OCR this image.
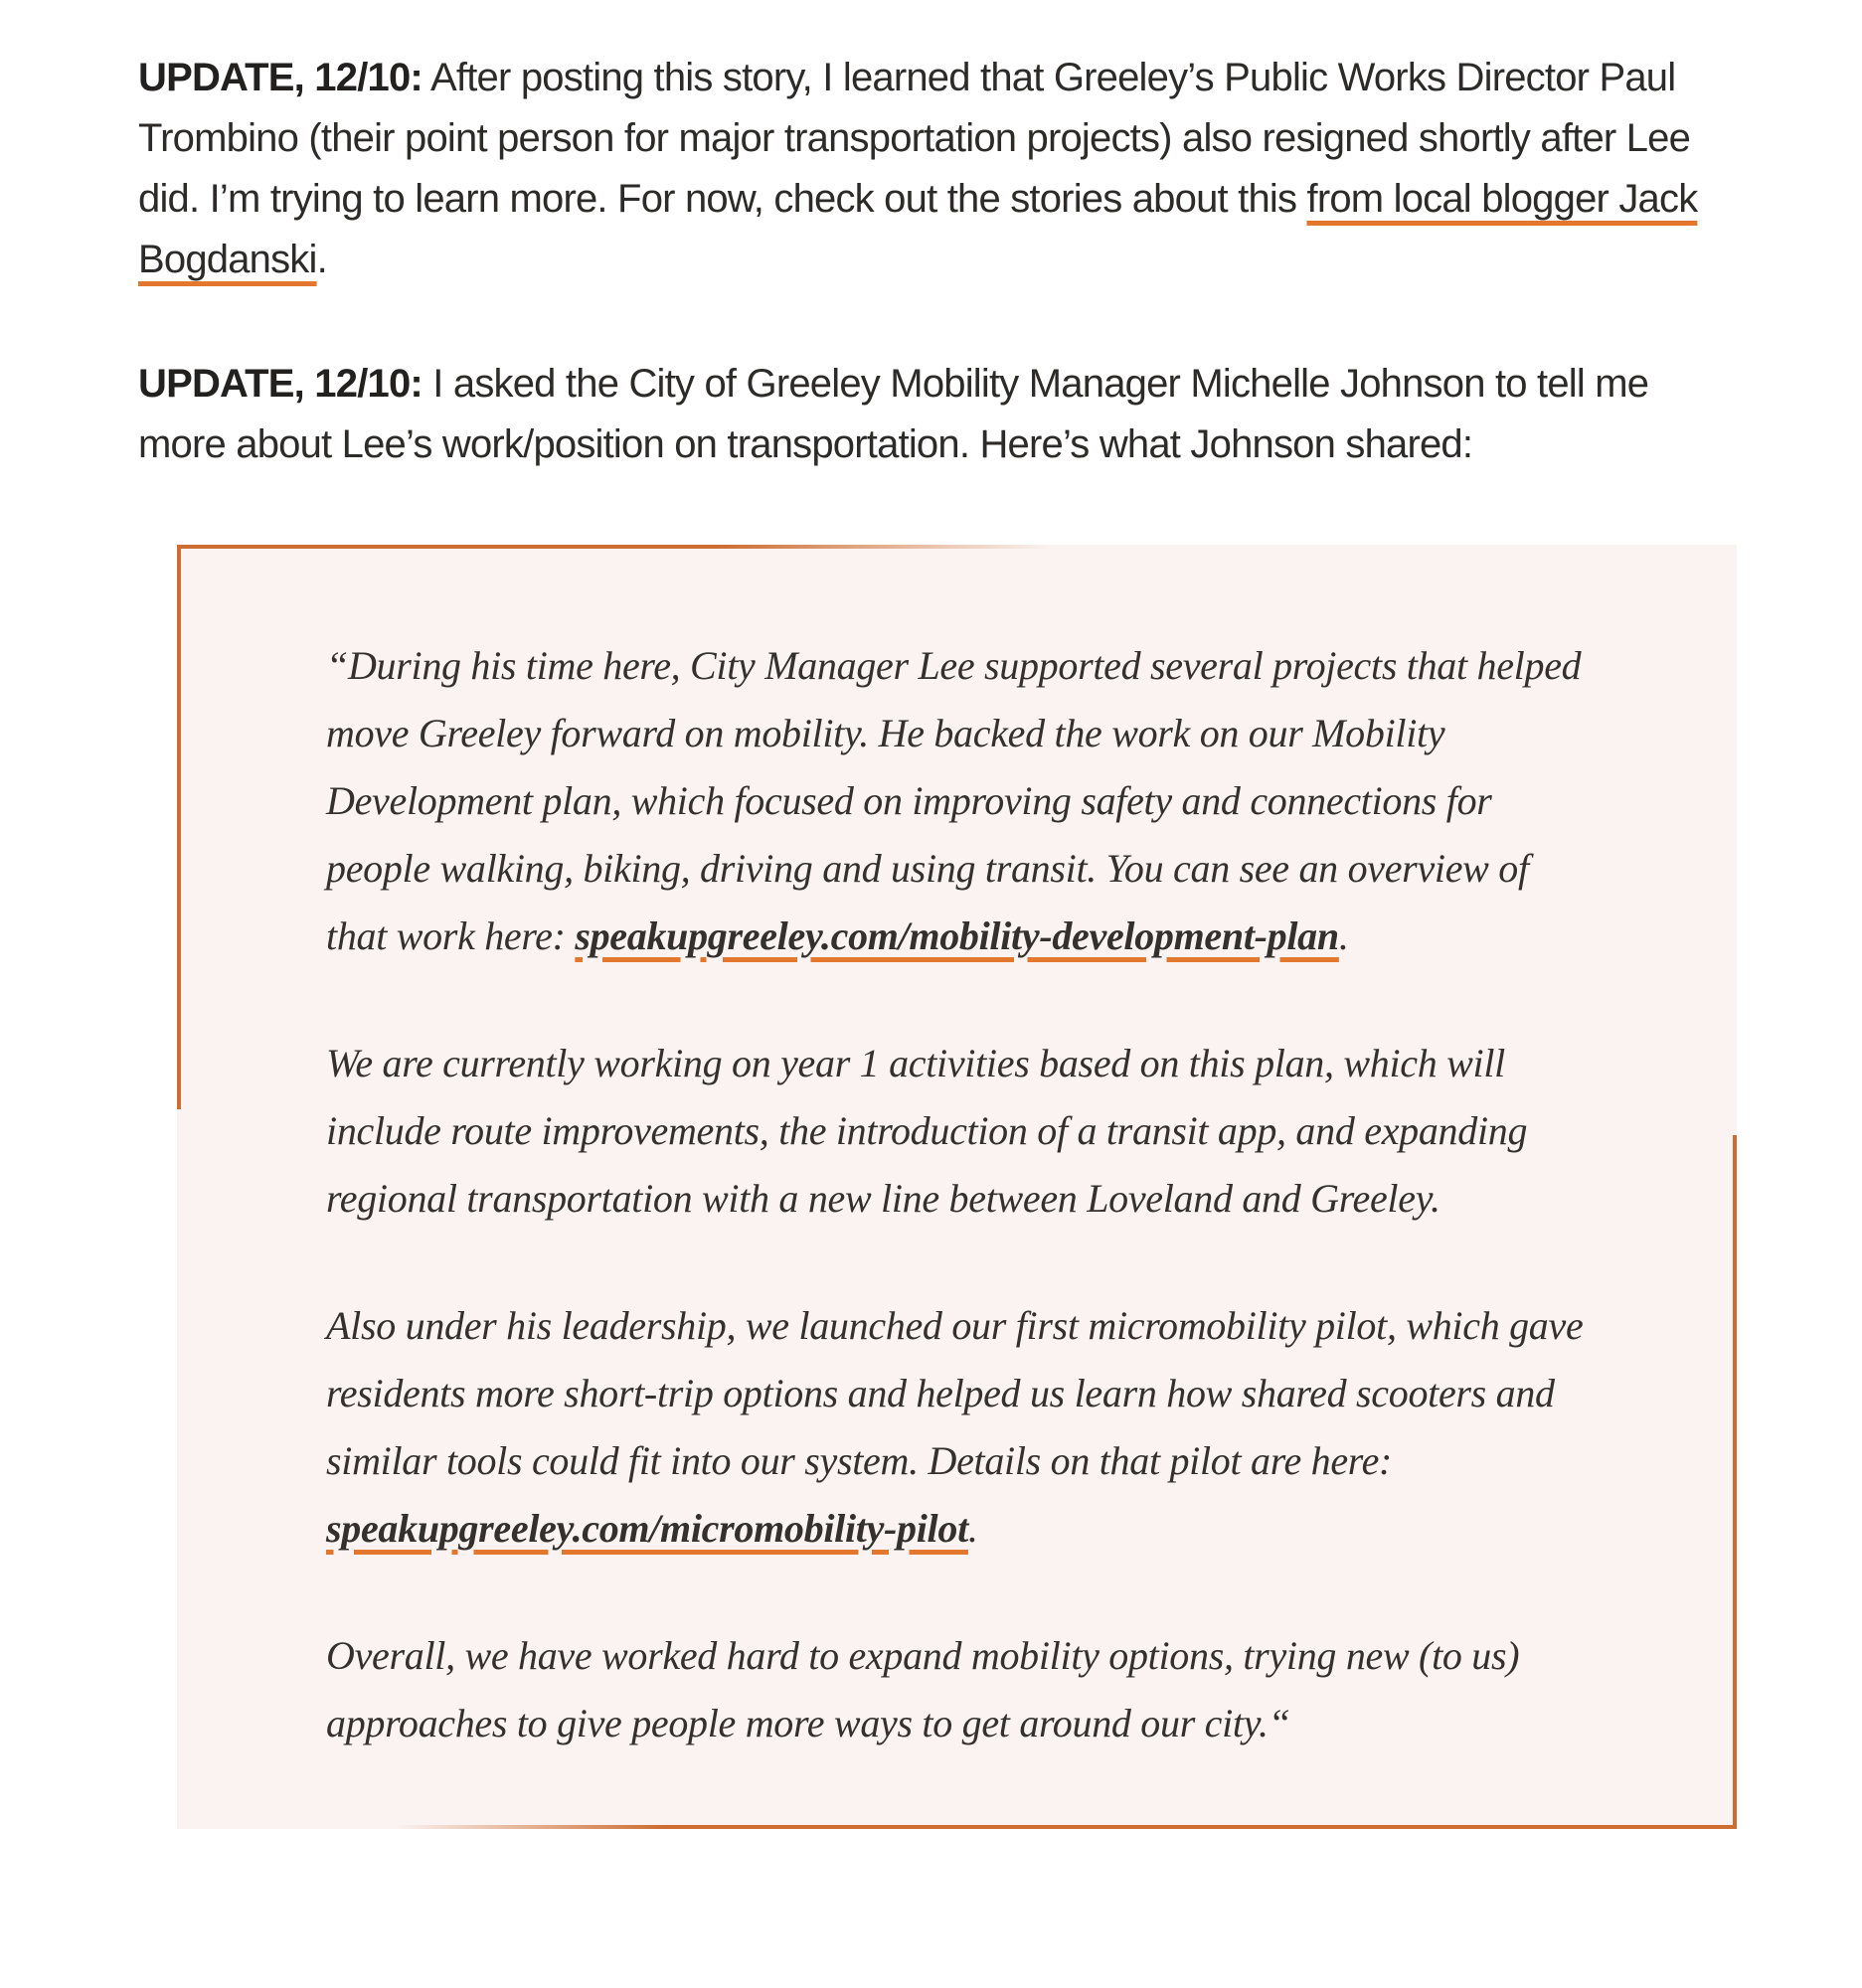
UPDATE, 12/10: After posting this story, I learned that Greeley’s Public Works Director Paul Trombino (their point person for major transportation projects) also resigned shortly after Lee did. I’m trying to learn more. For now, check out the stories about this from local blogger Jack Bogdanski.

UPDATE, 12/10: I asked the City of Greeley Mobility Manager Michelle Johnson to tell me more about Lee’s work/position on transportation. Here’s what Johnson shared:

“During his time here, City Manager Lee supported several projects that helped move Greeley forward on mobility. He backed the work on our Mobility Development plan, which focused on improving safety and connections for people walking, biking, driving and using transit. You can see an overview of that work here: speakupgreeley.com/mobility-development-plan.

We are currently working on year 1 activities based on this plan, which will include route improvements, the introduction of a transit app, and expanding regional transportation with a new line between Loveland and Greeley.

Also under his leadership, we launched our first micromobility pilot, which gave residents more short-trip options and helped us learn how shared scooters and similar tools could fit into our system. Details on that pilot are here: speakupgreeley.com/micromobility-pilot.

Overall, we have worked hard to expand mobility options, trying new (to us) approaches to give people more ways to get around our city.“
